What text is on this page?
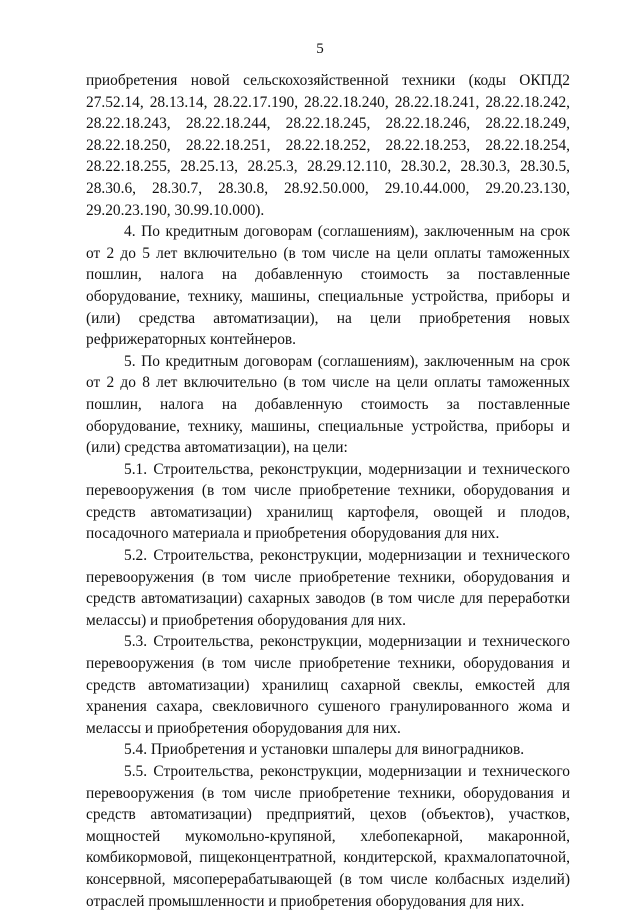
5

приобретения новой сельскохозяйственной техники (коды ОКПД2 27.52.14, 28.13.14, 28.22.17.190, 28.22.18.240, 28.22.18.241, 28.22.18.242, 28.22.18.243, 28.22.18.244, 28.22.18.245, 28.22.18.246, 28.22.18.249, 28.22.18.250, 28.22.18.251, 28.22.18.252, 28.22.18.253, 28.22.18.254, 28.22.18.255, 28.25.13, 28.25.3, 28.29.12.110, 28.30.2, 28.30.3, 28.30.5, 28.30.6, 28.30.7, 28.30.8, 28.92.50.000, 29.10.44.000, 29.20.23.130, 29.20.23.190, 30.99.10.000).

4. По кредитным договорам (соглашениям), заключенным на срок от 2 до 5 лет включительно (в том числе на цели оплаты таможенных пошлин, налога на добавленную стоимость за поставленные оборудование, технику, машины, специальные устройства, приборы и (или) средства автоматизации), на цели приобретения новых рефрижераторных контейнеров.

5. По кредитным договорам (соглашениям), заключенным на срок от 2 до 8 лет включительно (в том числе на цели оплаты таможенных пошлин, налога на добавленную стоимость за поставленные оборудование, технику, машины, специальные устройства, приборы и (или) средства автоматизации), на цели:

5.1. Строительства, реконструкции, модернизации и технического перевооружения (в том числе приобретение техники, оборудования и средств автоматизации) хранилищ картофеля, овощей и плодов, посадочного материала и приобретения оборудования для них.

5.2. Строительства, реконструкции, модернизации и технического перевооружения (в том числе приобретение техники, оборудования и средств автоматизации) сахарных заводов (в том числе для переработки мелассы) и приобретения оборудования для них.

5.3. Строительства, реконструкции, модернизации и технического перевооружения (в том числе приобретение техники, оборудования и средств автоматизации) хранилищ сахарной свеклы, емкостей для хранения сахара, свекловичного сушеного гранулированного жома и мелассы и приобретения оборудования для них.

5.4. Приобретения и установки шпалеры для виноградников.

5.5. Строительства, реконструкции, модернизации и технического перевооружения (в том числе приобретение техники, оборудования и средств автоматизации) предприятий, цехов (объектов), участков, мощностей мукомольно-крупяной, хлебопекарной, макаронной, комбикормовой, пищеконцентратной, кондитерской, крахмалопаточной, консервной, мясоперерабатывающей (в том числе колбасных изделий) отраслей промышленности и приобретения оборудования для них.
